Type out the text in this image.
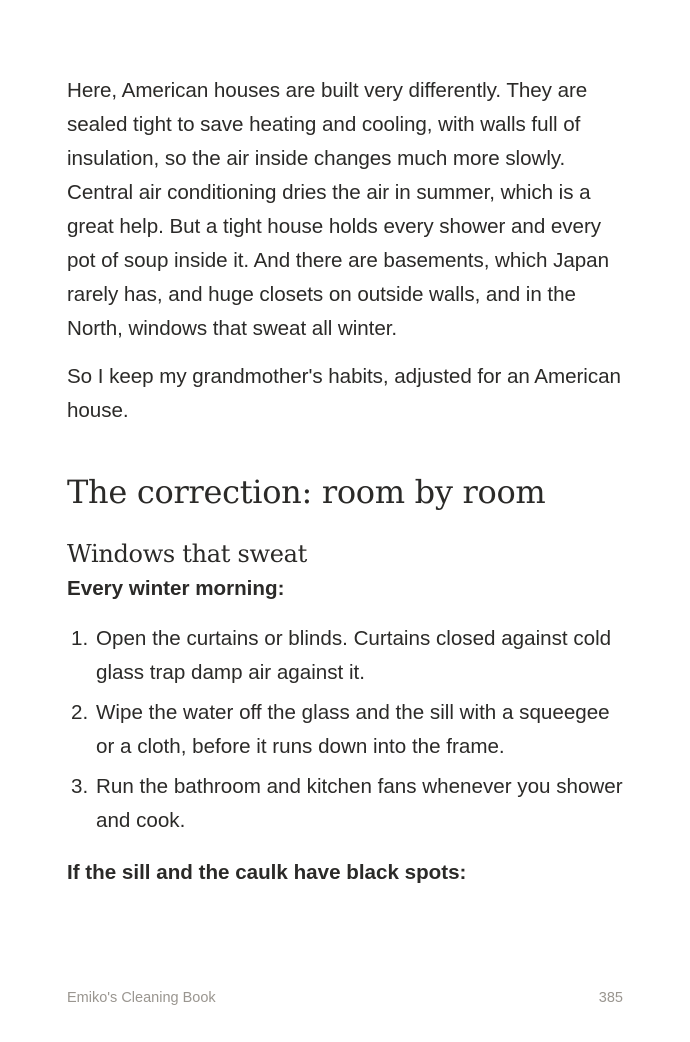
Here, American houses are built very differently. They are sealed tight to save heating and cooling, with walls full of insulation, so the air inside changes much more slowly. Central air conditioning dries the air in summer, which is a great help. But a tight house holds every shower and every pot of soup inside it. And there are basements, which Japan rarely has, and huge closets on outside walls, and in the North, windows that sweat all winter.

So I keep my grandmother's habits, adjusted for an American house.

The correction: room by room
Windows that sweat

Every winter morning:

1. Open the curtains or blinds. Curtains closed against cold glass trap damp air against it.
2. Wipe the water off the glass and the sill with a squeegee or a cloth, before it runs down into the frame.
3. Run the bathroom and kitchen fans whenever you shower and cook.

If the sill and the caulk have black spots:

Emiko's Cleaning Book	385
